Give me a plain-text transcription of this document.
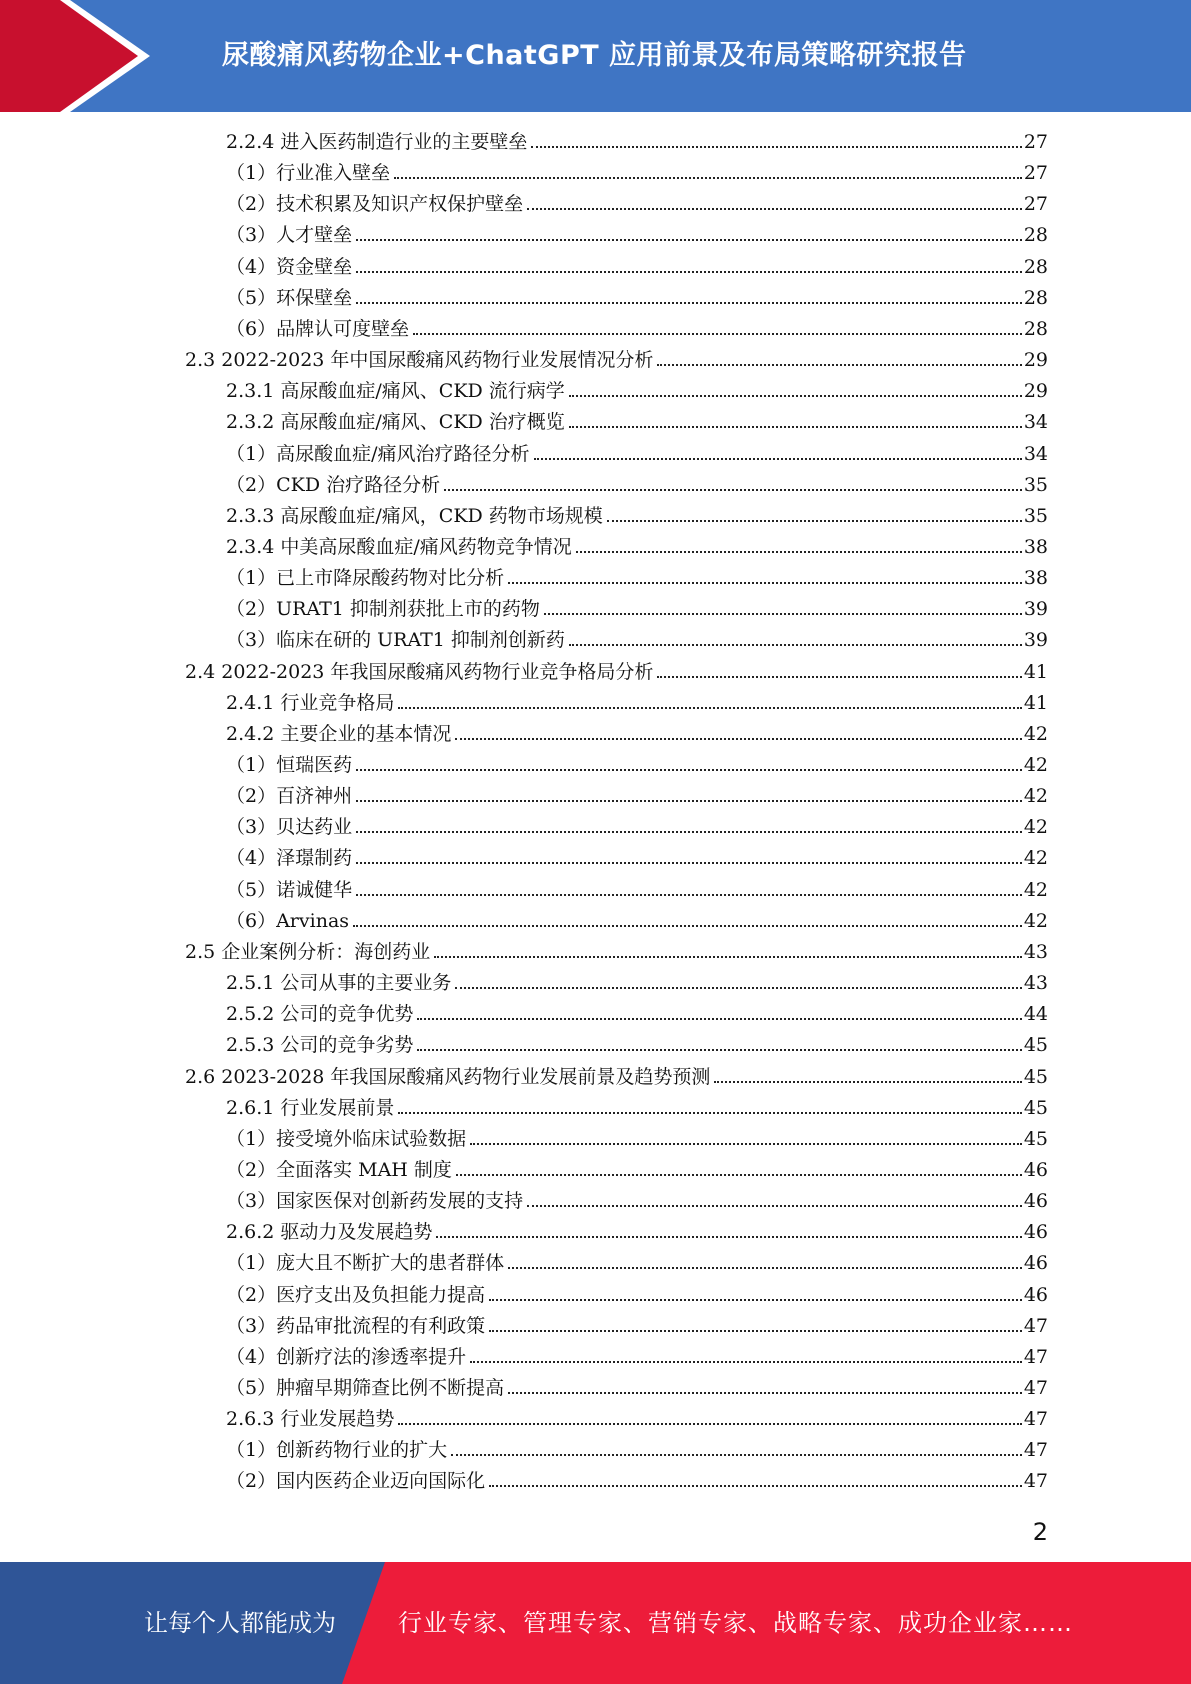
尿酸痛风药物企业+ChatGPT 应用前景及布局策略研究报告
2.2.4 进入医药制造行业的主要壁垒	27
（1）行业准入壁垒	27
（2）技术积累及知识产权保护壁垒	27
（3）人才壁垒	28
（4）资金壁垒	28
（5）环保壁垒	28
（6）品牌认可度壁垒	28
2.3 2022-2023 年中国尿酸痛风药物行业发展情况分析	29
2.3.1 高尿酸血症/痛风、CKD 流行病学	29
2.3.2 高尿酸血症/痛风、CKD 治疗概览	34
（1）高尿酸血症/痛风治疗路径分析	34
（2）CKD 治疗路径分析	35
2.3.3 高尿酸血症/痛风，CKD 药物市场规模	35
2.3.4 中美高尿酸血症/痛风药物竞争情况	38
（1）已上市降尿酸药物对比分析	38
（2）URAT1 抑制剂获批上市的药物	39
（3）临床在研的 URAT1 抑制剂创新药	39
2.4 2022-2023 年我国尿酸痛风药物行业竞争格局分析	41
2.4.1 行业竞争格局	41
2.4.2 主要企业的基本情况	42
（1）恒瑞医药	42
（2）百济神州	42
（3）贝达药业	42
（4）泽璟制药	42
（5）诺诚健华	42
（6）Arvinas	42
2.5 企业案例分析：海创药业	43
2.5.1 公司从事的主要业务	43
2.5.2 公司的竞争优势	44
2.5.3 公司的竞争劣势	45
2.6 2023-2028 年我国尿酸痛风药物行业发展前景及趋势预测	45
2.6.1 行业发展前景	45
（1）接受境外临床试验数据	45
（2）全面落实 MAH 制度	46
（3）国家医保对创新药发展的支持	46
2.6.2 驱动力及发展趋势	46
（1）庞大且不断扩大的患者群体	46
（2）医疗支出及负担能力提高	46
（3）药品审批流程的有利政策	47
（4）创新疗法的渗透率提升	47
（5）肿瘤早期筛查比例不断提高	47
2.6.3 行业发展趋势	47
（1）创新药物行业的扩大	47
（2）国内医药企业迈向国际化	47
2
让每个人都能成为	行业专家、管理专家、营销专家、战略专家、成功企业家……
